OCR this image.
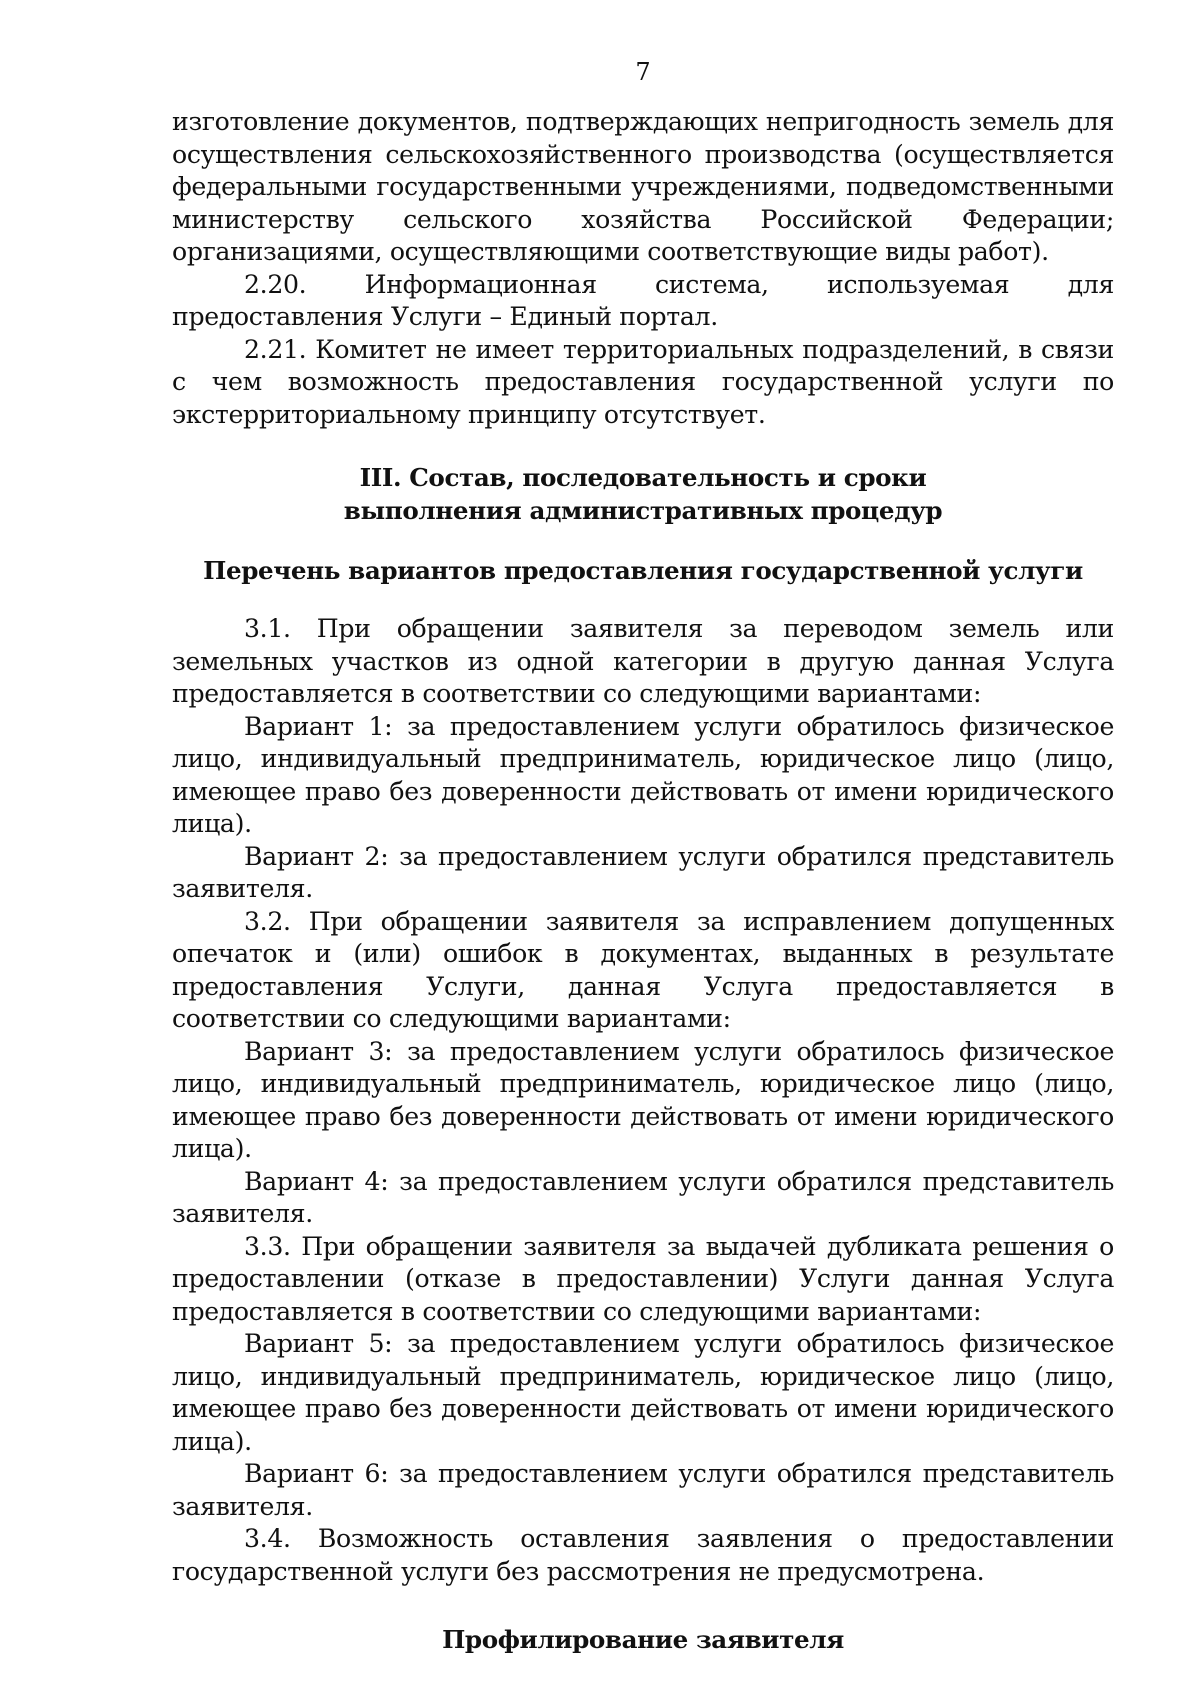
7

изготовление документов, подтверждающих непригодность земель для осуществления сельскохозяйственного производства (осуществляется федеральными государственными учреждениями, подведомственными министерству сельского хозяйства Российской Федерации; организациями, осуществляющими соответствующие виды работ).

2.20. Информационная система, используемая для предоставления Услуги – Единый портал.

2.21. Комитет не имеет территориальных подразделений, в связи с чем возможность предоставления государственной услуги по экстерриториальному принципу отсутствует.

III. Состав, последовательность и сроки
выполнения административных процедур
Перечень вариантов предоставления государственной услуги

3.1. При обращении заявителя за переводом земель или земельных участков из одной категории в другую данная Услуга предоставляется в соответствии со следующими вариантами:

Вариант 1: за предоставлением услуги обратилось физическое лицо, индивидуальный предприниматель, юридическое лицо (лицо, имеющее право без доверенности действовать от имени юридического лица).

Вариант 2: за предоставлением услуги обратился представитель заявителя.

3.2. При обращении заявителя за исправлением допущенных опечаток и (или) ошибок в документах, выданных в результате предоставления Услуги, данная Услуга предоставляется в соответствии со следующими вариантами:

Вариант 3: за предоставлением услуги обратилось физическое лицо, индивидуальный предприниматель, юридическое лицо (лицо, имеющее право без доверенности действовать от имени юридического лица).

Вариант 4: за предоставлением услуги обратился представитель заявителя.

3.3. При обращении заявителя за выдачей дубликата решения о предоставлении (отказе в предоставлении) Услуги данная Услуга предоставляется в соответствии со следующими вариантами:

Вариант 5: за предоставлением услуги обратилось физическое лицо, индивидуальный предприниматель, юридическое лицо (лицо, имеющее право без доверенности действовать от имени юридического лица).

Вариант 6: за предоставлением услуги обратился представитель заявителя.

3.4. Возможность оставления заявления о предоставлении государственной услуги без рассмотрения не предусмотрена.

Профилирование заявителя
